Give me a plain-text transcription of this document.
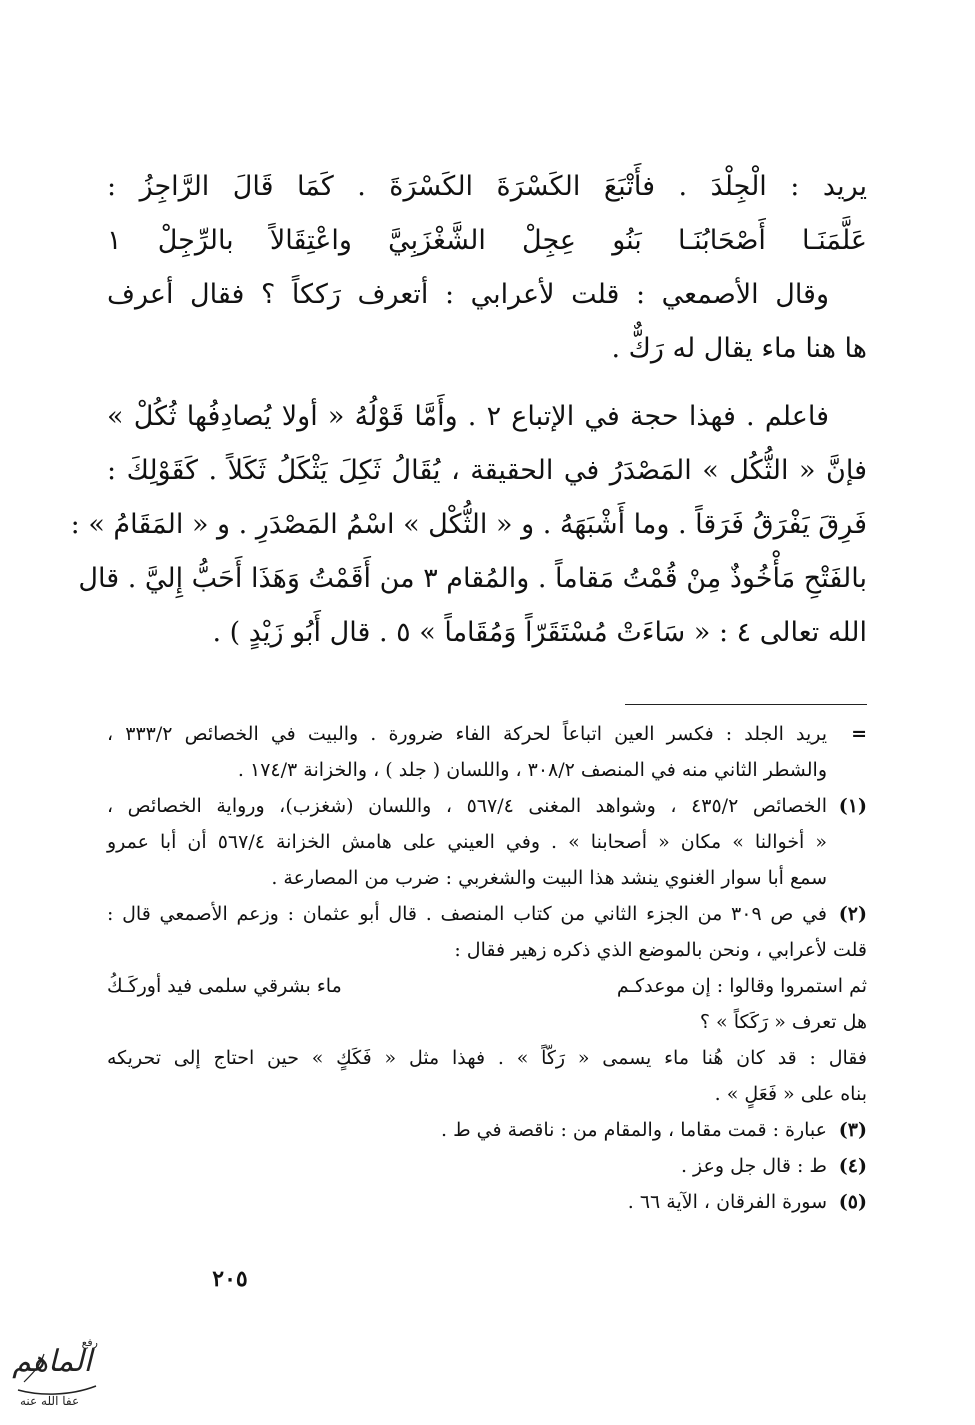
يريد : الْجِلْدَ . فأَتْبَعَ الكَسْرَةَ الكَسْرَةَ . كَمَا قَالَ الرَّاجِزُ :
عَلَّمَنَـا أَصْحَابُنَـا بَنُو عِجِلْ الشَّغْزَبِيَّ واعْتِقَالاً بالرِّجِلْ ١
وقال الأصمعي : قلت لأعرابي : أتعرف رَككاً ؟ فقال أعرف
ها هنا ماء يقال له رَكٌّ .
فاعلم . فهذا حجة في الإتباع ٢ . وأَمَّا قَوْلُهُ « أولا يُصادِفُها ثُكُلْ »
فإنَّ « الثُّكُل » المَصْدَرُ في الحقيقة ، يُقَالُ ثَكِلَ يَثْكَلُ ثَكَلاً . كَقَوْلِكَ :
فَرِقَ يَفْرَقُ فَرَقاً . وما أَشْبَهَهُ . و « الثُّكْل » اسْمُ المَصْدَرِ . و « المَقَامُ » :
بالفَتْحِ مَأْخُوذٌ مِنْ قُمْتُ مَقاماً . والمُقام ٣ من أَقَمْتُ وَهَذَا أَحَبُّ إِليَّ . قال
الله تعالى ٤ : « سَاءَتْ مُسْتَقَرّاً وَمُقَاماً » ٥ . قال أَبُو زَيْدٍ ) .
=
يريد الجلد : فكسر العين اتباعاً لحركة الفاء ضرورة . والبيت في الخصائص ٣٣٣/٢ ،
والشطر الثاني منه في المنصف ٣٠٨/٢ ، واللسان ( جلد ) ، والخزانة ١٧٤/٣ .
(١)
الخصائص ٤٣٥/٢ ، وشواهد المغنى ٥٦٧/٤ ، واللسان (شغزب)، ورواية الخصائص ،
« أخوالنا » مكان « أصحابنا » . وفي العيني على هامش الخزانة ٥٦٧/٤ أن أبا عمرو
سمع أبا سوار الغنوي ينشد هذا البيت والشغربي : ضرب من المصارعة .
(٢)
في ص ٣٠٩ من الجزء الثاني من كتاب المنصف . قال أبو عثمان : وزعم الأصمعي قال :
قلت لأعرابي ، ونحن بالموضع الذي ذكره زهير فقال :
ثم استمروا وقالوا : إن موعدكـم
ماء بشرقي سلمى فيد أوركَـكُ
هل تعرف « رَكَكاً » ؟
فقال : قد كان هُنا ماء يسمى « رَكّاً » . فهذا مثل « فَكَكٍ » حين احتاج إلى تحريكه
بناه على « فَعَلٍ » .
(٣)
عبارة : قمت مقاما ، والمقام من : ناقصة في ط .
(٤)
ط : قال جل وعز .
(٥)
سورة الفرقان ، الآية ٦٦ .
٢٠٥
رفع
الماهم
عفا الله عنه
